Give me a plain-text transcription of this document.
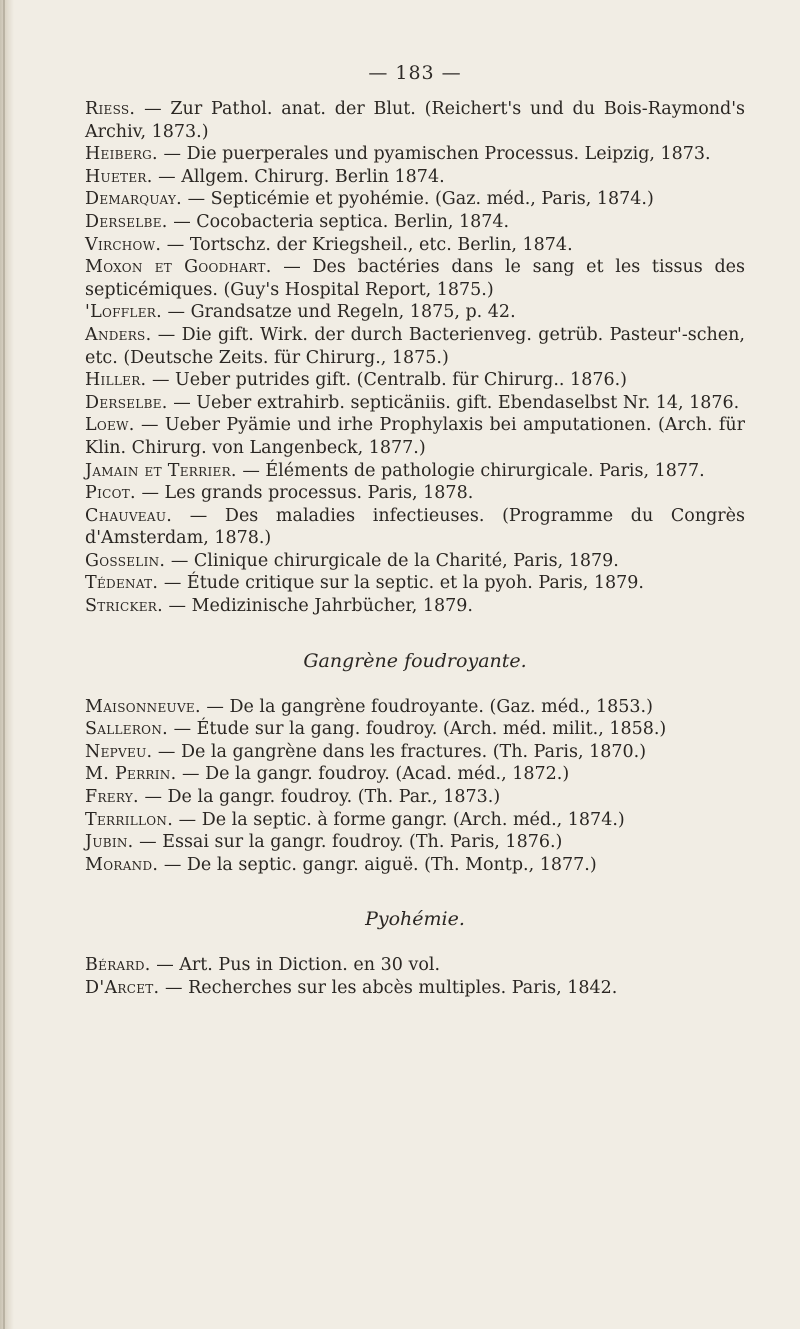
— 183 —

Riess. — Zur Pathol. anat. der Blut. (Reichert's und du Bois-Raymond's Archiv, 1873.)

Heiberg. — Die puerperales und pyamischen Processus. Leipzig, 1873.

Hueter. — Allgem. Chirurg. Berlin 1874.

Demarquay. — Septicémie et pyohémie. (Gaz. méd., Paris, 1874.)

Derselbe. — Cocobacteria septica. Berlin, 1874.

Virchow. — Tortschz. der Kriegsheil., etc. Berlin, 1874.

Moxon et Goodhart. — Des bactéries dans le sang et les tissus des septicémiques. (Guy's Hospital Report, 1875.)

'Loffler. — Grandsatze und Regeln, 1875, p. 42.

Anders. — Die gift. Wirk. der durch Bacterienveg. getrüb. Pasteur'-schen, etc. (Deutsche Zeits. für Chirurg., 1875.)

Hiller. — Ueber putrides gift. (Centralb. für Chirurg.. 1876.)

Derselbe. — Ueber extrahirb. septicäniis. gift. Ebendaselbst Nr. 14, 1876.

Loew. — Ueber Pyämie und irhe Prophylaxis bei amputationen. (Arch. für Klin. Chirurg. von Langenbeck, 1877.)

Jamain et Terrier. — Éléments de pathologie chirurgicale. Paris, 1877.

Picot. — Les grands processus. Paris, 1878.

Chauveau. — Des maladies infectieuses. (Programme du Congrès d'Amsterdam, 1878.)

Gosselin. — Clinique chirurgicale de la Charité, Paris, 1879.

Tédenat. — Étude critique sur la septic. et la pyoh. Paris, 1879.

Stricker. — Medizinische Jahrbücher, 1879.

Gangrène foudroyante.

Maisonneuve. — De la gangrène foudroyante. (Gaz. méd., 1853.)

Salleron. — Étude sur la gang. foudroy. (Arch. méd. milit., 1858.)

Nepveu. — De la gangrène dans les fractures. (Th. Paris, 1870.)

M. Perrin. — De la gangr. foudroy. (Acad. méd., 1872.)

Frery. — De la gangr. foudroy. (Th. Par., 1873.)

Terrillon. — De la septic. à forme gangr. (Arch. méd., 1874.)

Jubin. — Essai sur la gangr. foudroy. (Th. Paris, 1876.)

Morand. — De la septic. gangr. aiguë. (Th. Montp., 1877.)

Pyohémie.

Bérard. — Art. Pus in Diction. en 30 vol.

D'Arcet. — Recherches sur les abcès multiples. Paris, 1842.
